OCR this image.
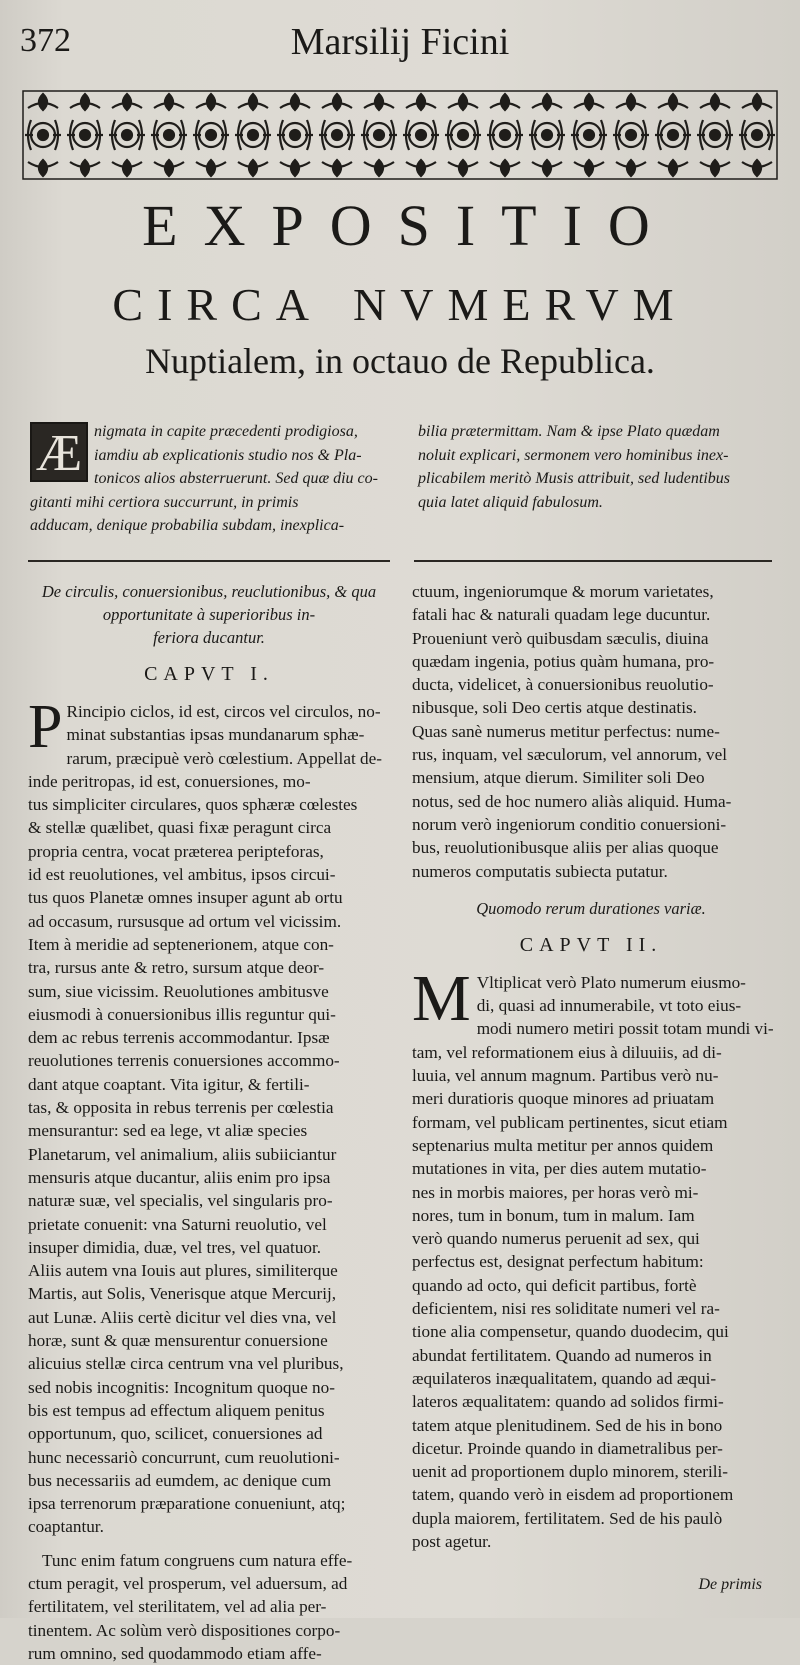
372	Marsilij Ficini
EXPOSITIO
CIRCA NVMERVM
Nuptialem, in octauo de Republica.
Æ nigmata in capite præcedenti prodigiosa,
iamdiu ab explicationis studio nos & Pla-
tonicos alios absterruerunt. Sed quæ diu co-
gitanti mihi certiora succurrunt, in primis
adducam, denique probabilia subdam, inexplica-
bilia prætermittam. Nam & ipse Plato quædam
noluit explicari, sermonem vero hominibus inex-
plicabilem meritò Musis attribuit, sed ludentibus
quia latet aliquid fabulosum.
De circulis, conuersionibus, reuclutionibus, & qua
opportunitate à superioribus in-
feriora ducantur.
CAPVT I.
P Rincipio ciclos, id est, circos vel circulos, no-
minat substantias ipsas mundanarum sphæ-
rarum, præcipuè verò cœlestium. Appellat de-
inde peritropas, id est, conuersiones, mo-
tus simpliciter circulares, quos sphæræ cœlestes
& stellæ quælibet, quasi fixæ peragunt circa
propria centra, vocat præterea peripteforas,
id est reuolutiones, vel ambitus, ipsos circui-
tus quos Planetæ omnes insuper agunt ab ortu
ad occasum, rursusque ad ortum vel vicissim.
Item à meridie ad septenerionem, atque con-
tra, rursus ante & retro, sursum atque deor-
sum, siue vicissim. Reuolutiones ambitusve
eiusmodi à conuersionibus illis reguntur qui-
dem ac rebus terrenis accommodantur. Ipsæ
reuolutiones terrenis conuersiones accommo-
dant atque coaptant. Vita igitur, & fertili-
tas, & opposita in rebus terrenis per cœlestia
mensurantur: sed ea lege, vt aliæ species
Planetarum, vel animalium, aliis subiiciantur
mensuris atque ducantur, aliis enim pro ipsa
naturæ suæ, vel specialis, vel singularis pro-
prietate conuenit: vna Saturni reuolutio, vel
insuper dimidia, duæ, vel tres, vel quatuor.
Aliis autem vna Iouis aut plures, similiterque
Martis, aut Solis, Venerisque atque Mercurij,
aut Lunæ. Aliis certè dicitur vel dies vna, vel
horæ, sunt & quæ mensurentur conuersione
alicuius stellæ circa centrum vna vel pluribus,
sed nobis incognitis: Incognitum quoque no-
bis est tempus ad effectum aliquem penitus
opportunum, quo, scilicet, conuersiones ad
hunc necessariò concurrunt, cum reuolutioni-
bus necessariis ad eumdem, ac denique cum
ipsa terrenorum præparatione conueniunt, atq;
coaptantur.
Tunc enim fatum congruens cum natura effe-
ctum peragit, vel prosperum, vel aduersum, ad
fertilitatem, vel sterilitatem, vel ad alia per-
tinentem. Ac solùm verò dispositiones corpo-
rum omnino, sed quodammodo etiam affe-
ctuum, ingeniorumque & morum varietates,
fatali hac & naturali quadam lege ducuntur.
Proueniunt verò quibusdam sæculis, diuina
quædam ingenia, potius quàm humana, pro-
ducta, videlicet, à conuersionibus reuolutio-
nibusque, soli Deo certis atque destinatis.
Quas sanè numerus metitur perfectus: nume-
rus, inquam, vel sæculorum, vel annorum, vel
mensium, atque dierum. Similiter soli Deo
notus, sed de hoc numero aliàs aliquid. Huma-
norum verò ingeniorum conditio conuersioni-
bus, reuolutionibusque aliis per alias quoque
numeros computatis subiecta putatur.
Quomodo rerum durationes variæ.
CAPVT II.
M Vltiplicat verò Plato numerum eiusmo-
di, quasi ad innumerabile, vt toto eius-
modi numero metiri possit totam mundi vi-
tam, vel reformationem eius à diluuiis, ad di-
luuia, vel annum magnum. Partibus verò nu-
meri duratioris quoque minores ad priuatam
formam, vel publicam pertinentes, sicut etiam
septenarius multa metitur per annos quidem
mutationes in vita, per dies autem mutatio-
nes in morbis maiores, per horas verò mi-
nores, tum in bonum, tum in malum. Iam
verò quando numerus peruenit ad sex, qui
perfectus est, designat perfectum habitum:
quando ad octo, qui deficit partibus, fortè
deficientem, nisi res soliditate numeri vel ra-
tione alia compensetur, quando duodecim, qui
abundat fertilitatem. Quando ad numeros in
æquilateros inæqualitatem, quando ad æqui-
lateros æqualitatem: quando ad solidos firmi-
tatem atque plenitudinem. Sed de his in bono
dicetur. Proinde quando in diametralibus per-
uenit ad proportionem duplo minorem, sterili-
tatem, quando verò in eisdem ad proportionem
dupla maiorem, fertilitatem. Sed de his paulò
post agetur.
De primis
